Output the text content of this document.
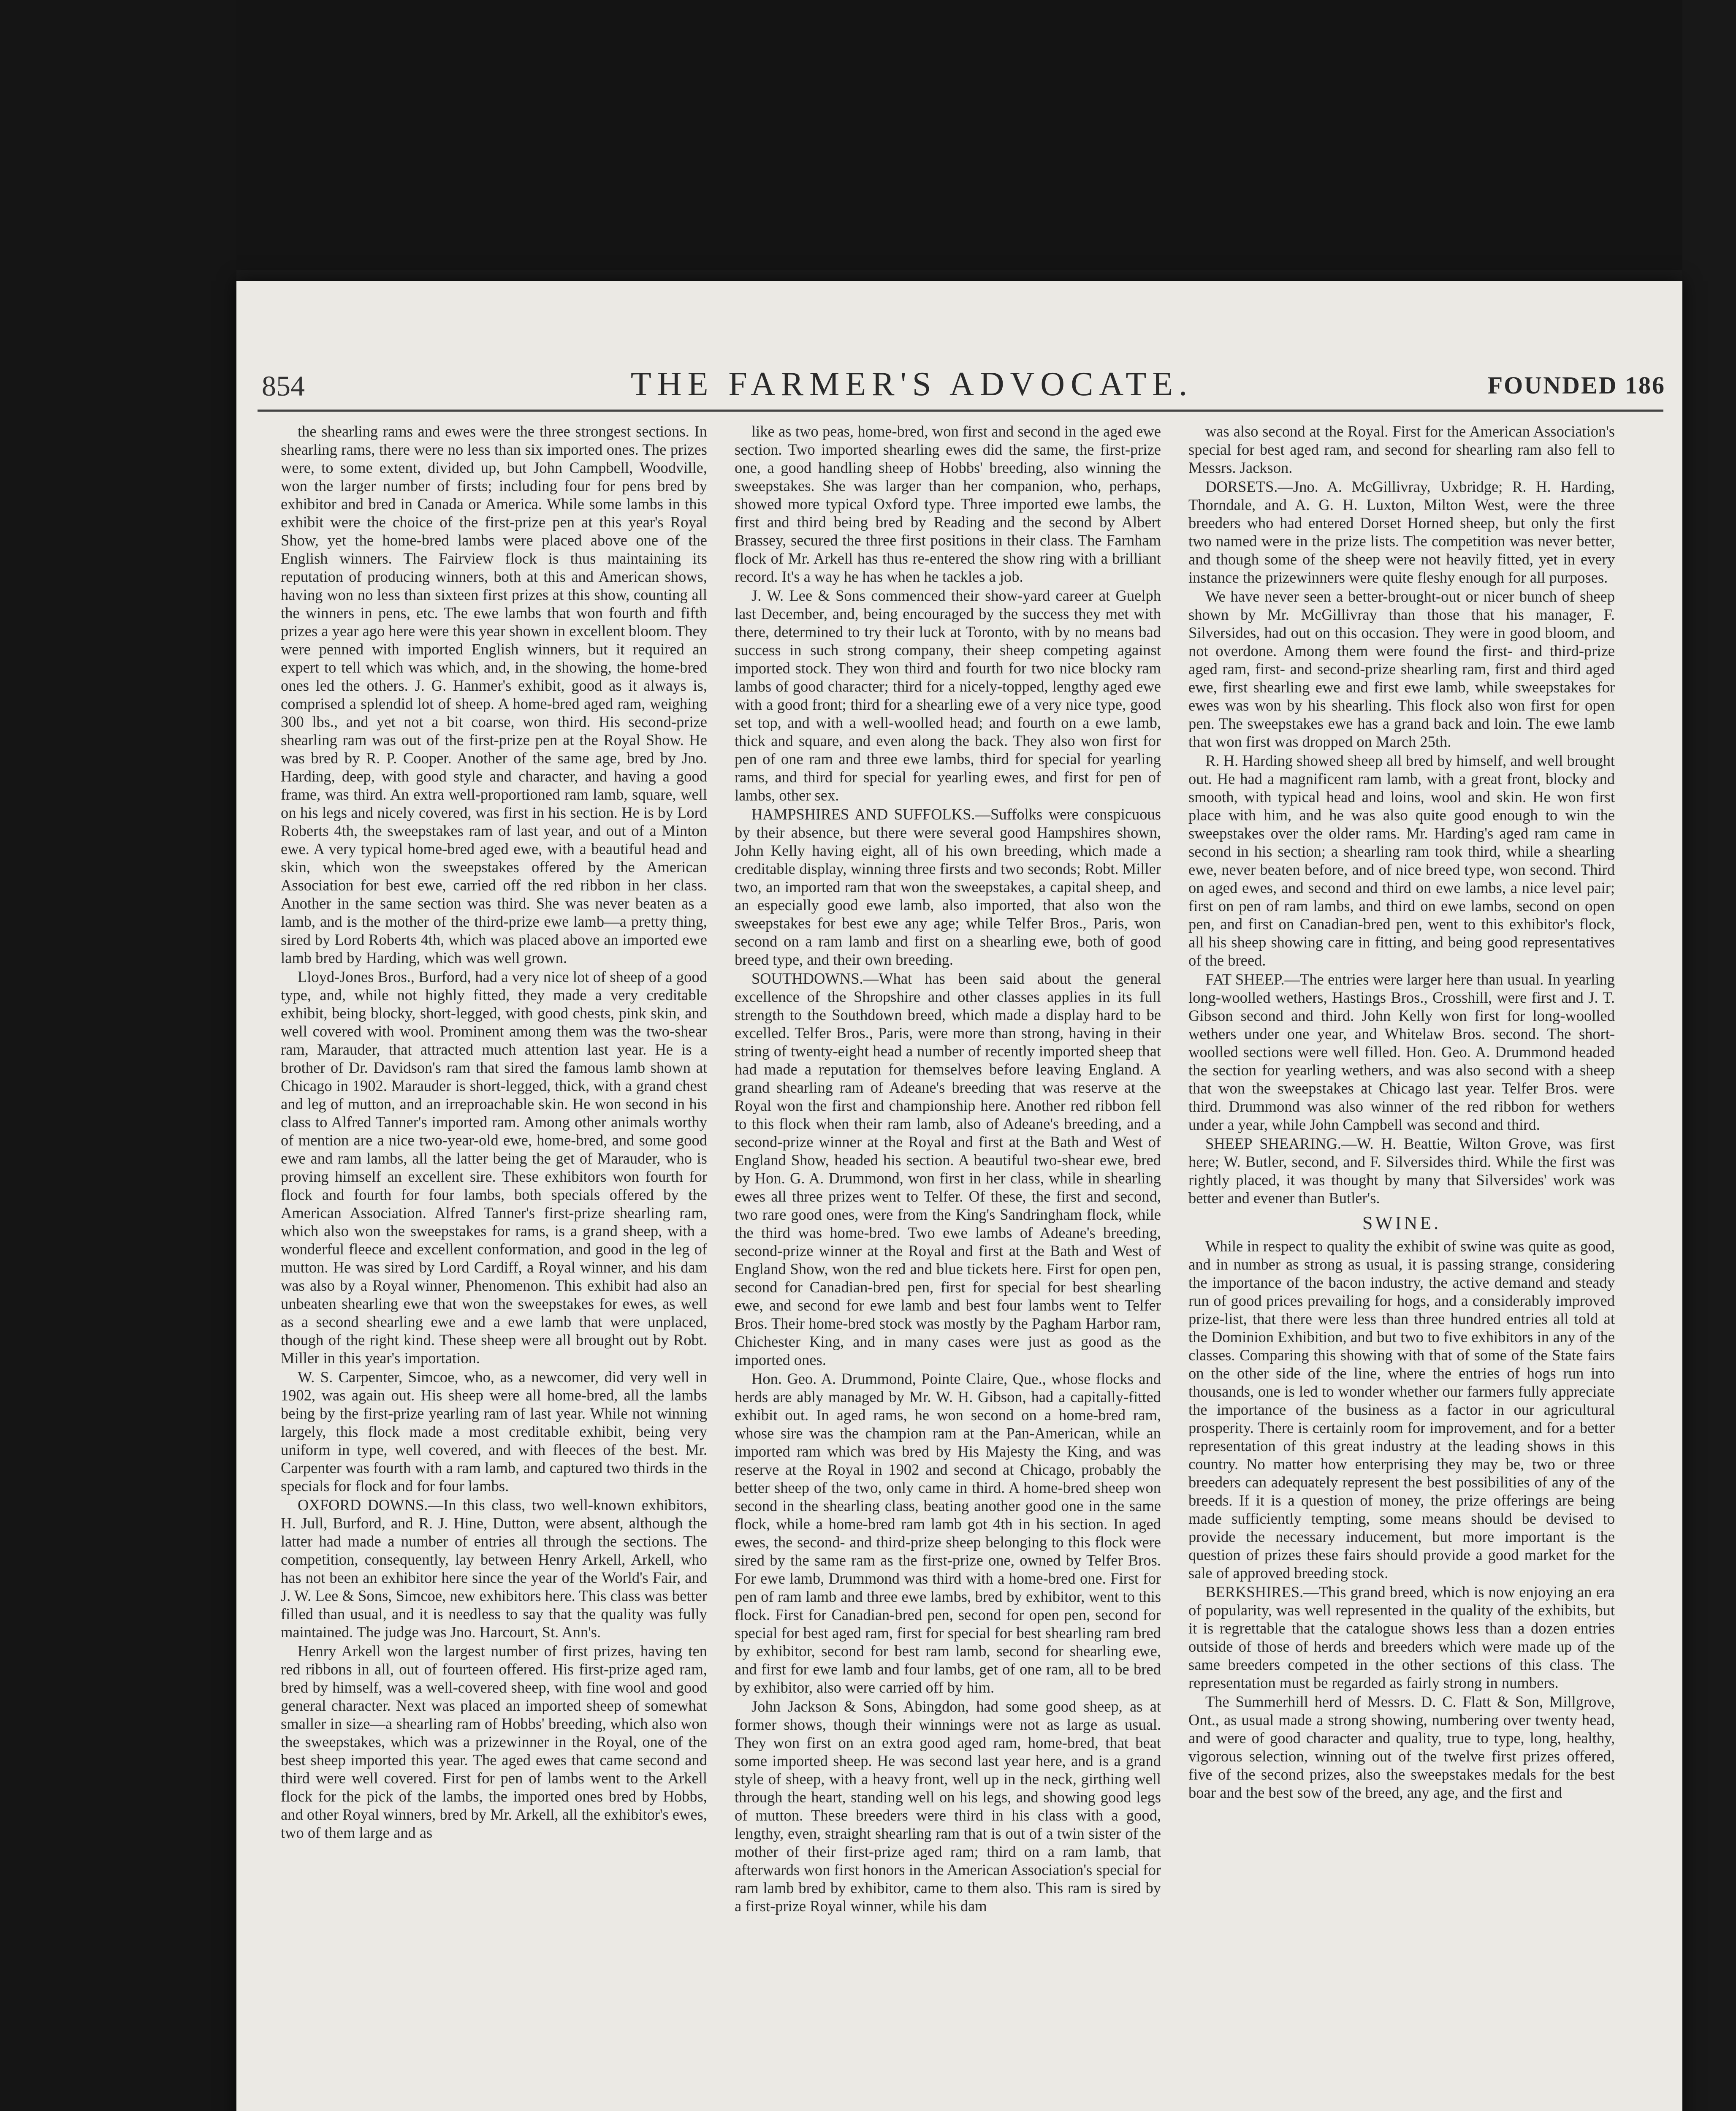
854	THE FARMER'S ADVOCATE.	FOUNDED 186

the shearling rams and ewes were the three strongest sections. In shearling rams, there were no less than six imported ones. The prizes were, to some extent, divided up, but John Campbell, Woodville, won the larger number of firsts; including four for pens bred by exhibitor and bred in Canada or America. While some lambs in this exhibit were the choice of the first-prize pen at this year's Royal Show, yet the home-bred lambs were placed above one of the English winners. The Fairview flock is thus maintaining its reputation of producing winners, both at this and American shows, having won no less than sixteen first prizes at this show, counting all the winners in pens, etc. The ewe lambs that won fourth and fifth prizes a year ago here were this year shown in excellent bloom. They were penned with imported English winners, but it required an expert to tell which was which, and, in the showing, the home-bred ones led the others. J. G. Hanmer's exhibit, good as it always is, comprised a splendid lot of sheep. A home-bred aged ram, weighing 300 lbs., and yet not a bit coarse, won third. His second-prize shearling ram was out of the first-prize pen at the Royal Show. He was bred by R. P. Cooper. Another of the same age, bred by Jno. Harding, deep, with good style and character, and having a good frame, was third. An extra well-proportioned ram lamb, square, well on his legs and nicely covered, was first in his section. He is by Lord Roberts 4th, the sweepstakes ram of last year, and out of a Minton ewe. A very typical home-bred aged ewe, with a beautiful head and skin, which won the sweepstakes offered by the American Association for best ewe, carried off the red ribbon in her class. Another in the same section was third. She was never beaten as a lamb, and is the mother of the third-prize ewe lamb—a pretty thing, sired by Lord Roberts 4th, which was placed above an imported ewe lamb bred by Harding, which was well grown.

Lloyd-Jones Bros., Burford, had a very nice lot of sheep of a good type, and, while not highly fitted, they made a very creditable exhibit, being blocky, short-legged, with good chests, pink skin, and well covered with wool. Prominent among them was the two-shear ram, Marauder, that attracted much attention last year. He is a brother of Dr. Davidson's ram that sired the famous lamb shown at Chicago in 1902. Marauder is short-legged, thick, with a grand chest and leg of mutton, and an irreproachable skin. He won second in his class to Alfred Tanner's imported ram. Among other animals worthy of mention are a nice two-year-old ewe, home-bred, and some good ewe and ram lambs, all the latter being the get of Marauder, who is proving himself an excellent sire. These exhibitors won fourth for flock and fourth for four lambs, both specials offered by the American Association. Alfred Tanner's first-prize shearling ram, which also won the sweepstakes for rams, is a grand sheep, with a wonderful fleece and excellent conformation, and good in the leg of mutton. He was sired by Lord Cardiff, a Royal winner, and his dam was also by a Royal winner, Phenomenon. This exhibit had also an unbeaten shearling ewe that won the sweepstakes for ewes, as well as a second shearling ewe and a ewe lamb that were unplaced, though of the right kind. These sheep were all brought out by Robt. Miller in this year's importation.

W. S. Carpenter, Simcoe, who, as a newcomer, did very well in 1902, was again out. His sheep were all home-bred, all the lambs being by the first-prize yearling ram of last year. While not winning largely, this flock made a most creditable exhibit, being very uniform in type, well covered, and with fleeces of the best. Mr. Carpenter was fourth with a ram lamb, and captured two thirds in the specials for flock and for four lambs.

OXFORD DOWNS.—In this class, two well-known exhibitors, H. Jull, Burford, and R. J. Hine, Dutton, were absent, although the latter had made a number of entries all through the sections. The competition, consequently, lay between Henry Arkell, Arkell, who has not been an exhibitor here since the year of the World's Fair, and J. W. Lee & Sons, Simcoe, new exhibitors here. This class was better filled than usual, and it is needless to say that the quality was fully maintained. The judge was Jno. Harcourt, St. Ann's.

Henry Arkell won the largest number of first prizes, having ten red ribbons in all, out of fourteen offered. His first-prize aged ram, bred by himself, was a well-covered sheep, with fine wool and good general character. Next was placed an imported sheep of somewhat smaller in size—a shearling ram of Hobbs' breeding, which also won the sweepstakes, which was a prizewinner in the Royal, one of the best sheep imported this year. The aged ewes that came second and third were well covered. First for pen of lambs went to the Arkell flock for the pick of the lambs, the imported ones bred by Hobbs, and other Royal winners, bred by Mr. Arkell, all the exhibitor's ewes, two of them large and as

like as two peas, home-bred, won first and second in the aged ewe section. Two imported shearling ewes did the same, the first-prize one, a good handling sheep of Hobbs' breeding, also winning the sweepstakes. She was larger than her companion, who, perhaps, showed more typical Oxford type. Three imported ewe lambs, the first and third being bred by Reading and the second by Albert Brassey, secured the three first positions in their class. The Farnham flock of Mr. Arkell has thus re-entered the show ring with a brilliant record. It's a way he has when he tackles a job.

J. W. Lee & Sons commenced their show-yard career at Guelph last December, and, being encouraged by the success they met with there, determined to try their luck at Toronto, with by no means bad success in such strong company, their sheep competing against imported stock. They won third and fourth for two nice blocky ram lambs of good character; third for a nicely-topped, lengthy aged ewe with a good front; third for a shearling ewe of a very nice type, good set top, and with a well-woolled head; and fourth on a ewe lamb, thick and square, and even along the back. They also won first for pen of one ram and three ewe lambs, third for special for yearling rams, and third for special for yearling ewes, and first for pen of lambs, other sex.

HAMPSHIRES AND SUFFOLKS.—Suffolks were conspicuous by their absence, but there were several good Hampshires shown, John Kelly having eight, all of his own breeding, which made a creditable display, winning three firsts and two seconds; Robt. Miller two, an imported ram that won the sweepstakes, a capital sheep, and an especially good ewe lamb, also imported, that also won the sweepstakes for best ewe any age; while Telfer Bros., Paris, won second on a ram lamb and first on a shearling ewe, both of good breed type, and their own breeding.

SOUTHDOWNS.—What has been said about the general excellence of the Shropshire and other classes applies in its full strength to the Southdown breed, which made a display hard to be excelled. Telfer Bros., Paris, were more than strong, having in their string of twenty-eight head a number of recently imported sheep that had made a reputation for themselves before leaving England. A grand shearling ram of Adeane's breeding that was reserve at the Royal won the first and championship here. Another red ribbon fell to this flock when their ram lamb, also of Adeane's breeding, and a second-prize winner at the Royal and first at the Bath and West of England Show, headed his section. A beautiful two-shear ewe, bred by Hon. G. A. Drummond, won first in her class, while in shearling ewes all three prizes went to Telfer. Of these, the first and second, two rare good ones, were from the King's Sandringham flock, while the third was home-bred. Two ewe lambs of Adeane's breeding, second-prize winner at the Royal and first at the Bath and West of England Show, won the red and blue tickets here. First for open pen, second for Canadian-bred pen, first for special for best shearling ewe, and second for ewe lamb and best four lambs went to Telfer Bros. Their home-bred stock was mostly by the Pagham Harbor ram, Chichester King, and in many cases were just as good as the imported ones.

Hon. Geo. A. Drummond, Pointe Claire, Que., whose flocks and herds are ably managed by Mr. W. H. Gibson, had a capitally-fitted exhibit out. In aged rams, he won second on a home-bred ram, whose sire was the champion ram at the Pan-American, while an imported ram which was bred by His Majesty the King, and was reserve at the Royal in 1902 and second at Chicago, probably the better sheep of the two, only came in third. A home-bred sheep won second in the shearling class, beating another good one in the same flock, while a home-bred ram lamb got 4th in his section. In aged ewes, the second- and third-prize sheep belonging to this flock were sired by the same ram as the first-prize one, owned by Telfer Bros. For ewe lamb, Drummond was third with a home-bred one. First for pen of ram lamb and three ewe lambs, bred by exhibitor, went to this flock. First for Canadian-bred pen, second for open pen, second for special for best aged ram, first for special for best shearling ram bred by exhibitor, second for best ram lamb, second for shearling ewe, and first for ewe lamb and four lambs, get of one ram, all to be bred by exhibitor, also were carried off by him.

John Jackson & Sons, Abingdon, had some good sheep, as at former shows, though their winnings were not as large as usual. They won first on an extra good aged ram, home-bred, that beat some imported sheep. He was second last year here, and is a grand style of sheep, with a heavy front, well up in the neck, girthing well through the heart, standing well on his legs, and showing good legs of mutton. These breeders were third in his class with a good, lengthy, even, straight shearling ram that is out of a twin sister of the mother of their first-prize aged ram; third on a ram lamb, that afterwards won first honors in the American Association's special for ram lamb bred by exhibitor, came to them also. This ram is sired by a first-prize Royal winner, while his dam

was also second at the Royal. First for the American Association's special for best aged ram, and second for shearling ram also fell to Messrs. Jackson.

DORSETS.—Jno. A. McGillivray, Uxbridge; R. H. Harding, Thorndale, and A. G. H. Luxton, Milton West, were the three breeders who had entered Dorset Horned sheep, but only the first two named were in the prize lists. The competition was never better, and though some of the sheep were not heavily fitted, yet in every instance the prizewinners were quite fleshy enough for all purposes.

We have never seen a better-brought-out or nicer bunch of sheep shown by Mr. McGillivray than those that his manager, F. Silversides, had out on this occasion. They were in good bloom, and not overdone. Among them were found the first- and third-prize aged ram, first- and second-prize shearling ram, first and third aged ewe, first shearling ewe and first ewe lamb, while sweepstakes for ewes was won by his shearling. This flock also won first for open pen. The sweepstakes ewe has a grand back and loin. The ewe lamb that won first was dropped on March 25th.

R. H. Harding showed sheep all bred by himself, and well brought out. He had a magnificent ram lamb, with a great front, blocky and smooth, with typical head and loins, wool and skin. He won first place with him, and he was also quite good enough to win the sweepstakes over the older rams. Mr. Harding's aged ram came in second in his section; a shearling ram took third, while a shearling ewe, never beaten before, and of nice breed type, won second. Third on aged ewes, and second and third on ewe lambs, a nice level pair; first on pen of ram lambs, and third on ewe lambs, second on open pen, and first on Canadian-bred pen, went to this exhibitor's flock, all his sheep showing care in fitting, and being good representatives of the breed.

FAT SHEEP.—The entries were larger here than usual. In yearling long-woolled wethers, Hastings Bros., Crosshill, were first and J. T. Gibson second and third. John Kelly won first for long-woolled wethers under one year, and Whitelaw Bros. second. The short-woolled sections were well filled. Hon. Geo. A. Drummond headed the section for yearling wethers, and was also second with a sheep that won the sweepstakes at Chicago last year. Telfer Bros. were third. Drummond was also winner of the red ribbon for wethers under a year, while John Campbell was second and third.

SHEEP SHEARING.—W. H. Beattie, Wilton Grove, was first here; W. Butler, second, and F. Silversides third. While the first was rightly placed, it was thought by many that Silversides' work was better and evener than Butler's.

SWINE.

While in respect to quality the exhibit of swine was quite as good, and in number as strong as usual, it is passing strange, considering the importance of the bacon industry, the active demand and steady run of good prices prevailing for hogs, and a considerably improved prize-list, that there were less than three hundred entries all told at the Dominion Exhibition, and but two to five exhibitors in any of the classes. Comparing this showing with that of some of the State fairs on the other side of the line, where the entries of hogs run into thousands, one is led to wonder whether our farmers fully appreciate the importance of the business as a factor in our agricultural prosperity. There is certainly room for improvement, and for a better representation of this great industry at the leading shows in this country. No matter how enterprising they may be, two or three breeders can adequately represent the best possibilities of any of the breeds. If it is a question of money, the prize offerings are being made sufficiently tempting, some means should be devised to provide the necessary inducement, but more important is the question of prizes these fairs should provide a good market for the sale of approved breeding stock.

BERKSHIRES.—This grand breed, which is now enjoying an era of popularity, was well represented in the quality of the exhibits, but it is regrettable that the catalogue shows less than a dozen entries outside of those of herds and breeders which were made up of the same breeders competed in the other sections of this class. The representation must be regarded as fairly strong in numbers.

The Summerhill herd of Messrs. D. C. Flatt & Son, Millgrove, Ont., as usual made a strong showing, numbering over twenty head, and were of good character and quality, true to type, long, healthy, vigorous selection, winning out of the twelve first prizes offered, five of the second prizes, also the sweepstakes medals for the best boar and the best sow of the breed, any age, and the first and
